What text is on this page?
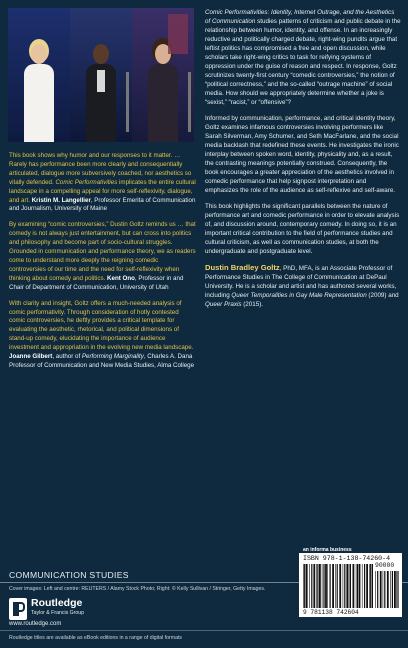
This book shows why humor and our responses to it matter. … Rarely has performance been more clearly and consequentially articulated, dialogue more subversively coached, nor aesthetics so vitally defended. Comic Performativities implicates the entire cultural landscape in a compelling appeal for more self-reflexivity, dialogue, and art. Kristin M. Langellier, Professor Emerita of Communication and Journalism, University of Maine

By examining “comic controversies,” Dustin Goltz reminds us … that comedy is not always just entertainment, but can cross into politics and philosophy and become part of socio-cultural struggles. Grounded in communication and performance theory, we as readers come to understand more deeply the reigning comedic controversies of our time and the need for self-reflexivity when thinking about comedy and politics. Kent Ono, Professor in and Chair of Department of Communication, University of Utah

With clarity and insight, Goltz offers a much-needed analysis of comic performativity. Through consideration of hotly contested comic controversies, he deftly provides a critical template for evaluating the aesthetic, rhetorical, and political dimensions of stand-up comedy, elucidating the importance of audience investment and appropriation in the evolving new media landscape. Joanne Gilbert, author of Performing Marginality, Charles A. Dana Professor of Communication and New Media Studies, Alma College

COMMUNICATION STUDIES
Cover images: Left and centre: REUTERS / Alamy Stock Photo; Right: © Kelly Sullivan / Stringer, Getty Images.
Routledge
Taylor & Francis Group
www.routledge.com
Routledge titles are available as eBook editions in a range of digital formats

Comic Performativities: Identity, Internet Outrage, and the Aesthetics of Communication studies patterns of criticism and public debate in the relationship between humor, identity, and offense. In an increasingly reductive and politically charged debate, right-wing pundits argue that leftist politics has compromised a free and open discussion, while scholars take right-wing critics to task for reifying systems of oppression under the guise of reason and respect. In response, Goltz scrutinizes twenty-first century “comedic controversies,” the notion of “political correctness,” and the so-called “outrage machine” of social media. How should we appropriately determine whether a joke is “sexist,” “racist,” or “offensive”?

Informed by communication, performance, and critical identity theory, Goltz examines infamous controversies involving performers like Sarah Silverman, Amy Schumer, and Seth MacFarlane, and the social media backlash that redefined these events. He investigates the ironic interplay between spoken word, identity, physicality and, as a result, the contrasting meanings potentially construed. Consequently, the book encourages a greater appreciation of the aesthetics involved in comedic performance that help signpost interpretation and emphasizes the role of the audience as self-reflexive and self-aware.

This book highlights the significant parallels between the nature of performance art and comedic performance in order to elevate analysis of, and discussion around, contemporary comedy. In doing so, it is an important critical contribution to the field of performance studies and cultural criticism, as well as communication studies, at both the undergraduate and postgraduate level.

Dustin Bradley Goltz, PhD, MFA, is an Associate Professor of Performance Studies in The College of Communication at DePaul University. He is a scholar and artist and has authored several works, including Queer Temporalities in Gay Male Representation (2009) and Queer Praxis (2015).

an informa business
ISBN 978-1-138-74260-4
90000
9 781138 742604
